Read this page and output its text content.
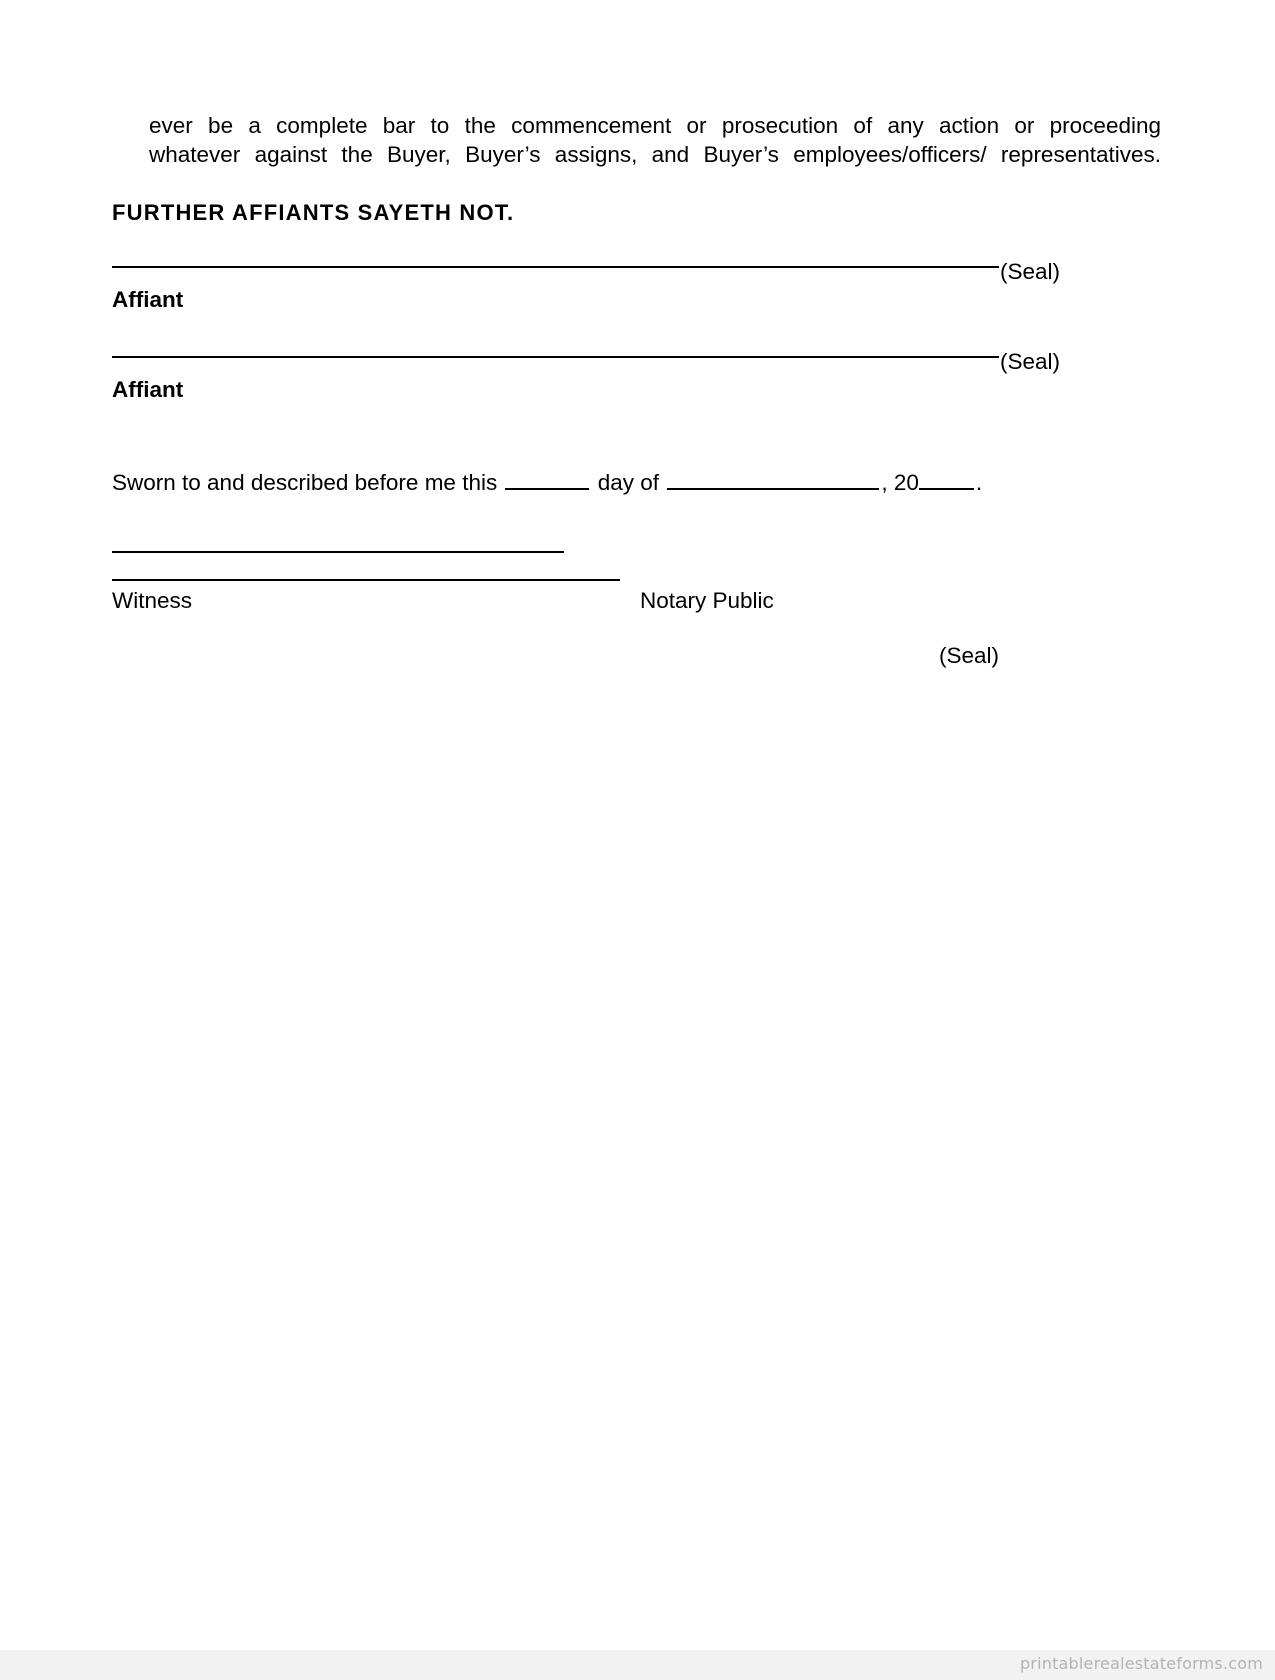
ever be a complete bar to the commencement or prosecution of any action or proceeding
whatever against the Buyer, Buyer’s assigns, and Buyer’s employees/officers/ representatives.
FURTHER AFFIANTS SAYETH NOT.
(Seal)
Affiant
(Seal)
Affiant
Sworn to and described before me this	day of	, 20	.
Witness	Notary Public
(Seal)
printablerealestateforms.com
